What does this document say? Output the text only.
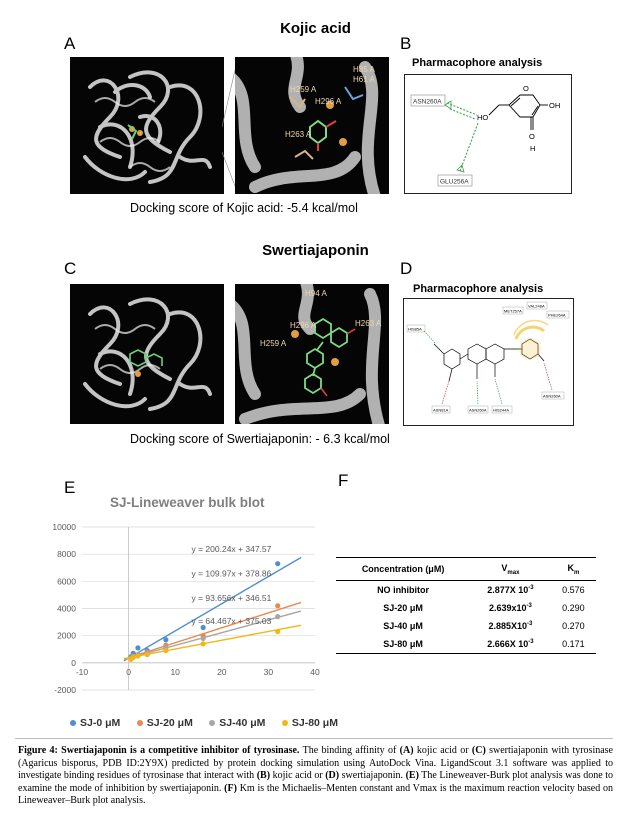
Kojic acid
A	B
H259 A
H85 A
H61 A
H296 A
H263 A
Docking score of Kojic acid: -5.4 kcal/mol
Pharmacophore analysis
ASN260A
GLU256A
HO
O
OH
O
H
Swertiajaponin
C	D
H94 A
H296 A
H259 A
H263 A
Docking score of Swertiajaponin: - 6.3 kcal/mol
Pharmacophore analysis
MET257A
VAL248A
PHE264A
HIS85A
ASN81A	ASN260A HIS244A
ASN260A
E
SJ-Lineweaver bulk blot
-2000
0
2000
4000
6000
8000
10000
-10	0	10	20	30	40
y = 200.24x + 347.57
y = 109.97x + 378.86
y = 93.656x + 346.51
y = 64.467x + 375.03
SJ-0 μM
	SJ-20 μM
	SJ-40 μM
	SJ-80 μM
F
Concentration (μM)	$V_{max}$	$K_m$
NO inhibitor	2.877X $10^{-3}$	0.576
SJ-20 μM	$2.639x10^{-3}$	0.290
SJ-40 μM	$2.885X10^{-3}$	0.270
SJ-80 μM	2.666X $10^{-3}$	0.171
Figure 4: Swertiajaponin is a competitive inhibitor of tyrosinase. The binding affinity of (A) kojic acid or (C) swertiajaponin with tyrosinase (Agaricus bisporus, PDB ID:2Y9X) predicted by protein docking simulation using AutoDock Vina. LigandScout 3.1 software was applied to investigate binding residues of tyrosinase that interact with (B) kojic acid or (D) swertiajaponin. (E) The Lineweaver-Burk plot analysis was done to examine the mode of inhibition by swertiajaponin. (F) Km is the Michaelis–Menten constant and Vmax is the maximum reaction velocity based on Lineweaver–Burk plot analysis.
